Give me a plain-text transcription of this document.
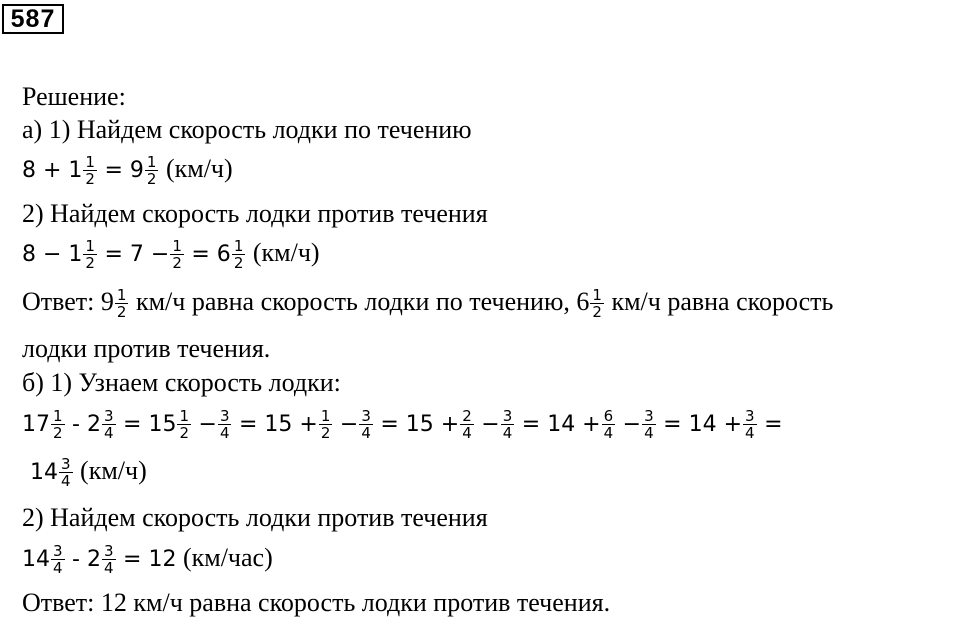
587
Решение:
а) 1) Найдем скорость лодки по течению
$8 + 1 \frac{1}{2} = 9 \frac{1}{2} (км/ч)$
2) Найдем скорость лодки против течения
$8 - 1 \frac{1}{2} = 7 - \frac{1}{2} = 6 \frac{1}{2} (км/ч)$
Ответ: $9 \frac{1}{2} км/ч$ равна скорость лодки по течению, $6 \frac{1}{2} км/ч$ равна скорость
лодки против течения.
б) 1) Узнаем скорость лодки:
$17 \frac{1}{2} - 2 \frac{3}{4} = 15 \frac{1}{2} - \frac{3}{4} = 15 + \frac{1}{2} - \frac{3}{4} = 15 + \frac{2}{4} - \frac{3}{4} = 14 + \frac{6}{4} - \frac{3}{4} = 14 + \frac{3}{4}$ =
$14 \frac{3}{4} (км/ч)$
2) Найдем скорость лодки против течения
$14 \frac{3}{4} - 2 \frac{3}{4} = 12$ (км/час)
Ответ: 12 км/ч равна скорость лодки против течения.
